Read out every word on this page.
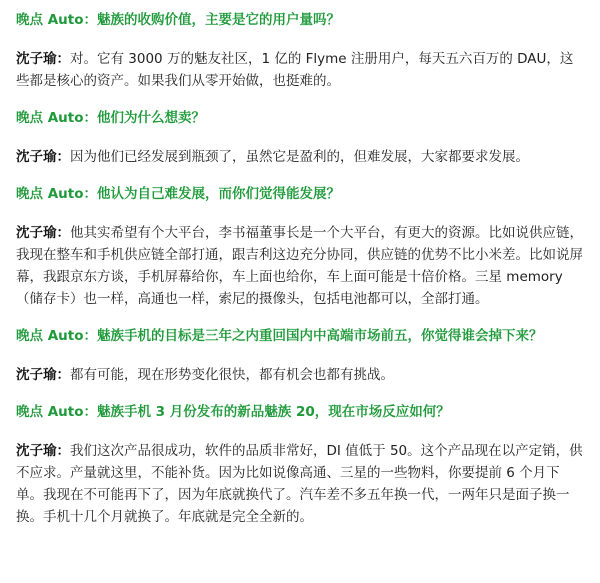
晚点 Auto：魅族的收购价值，主要是它的用户量吗？

沈子瑜：对。它有 3000 万的魅友社区，1 亿的 Flyme 注册用户，每天五六百万的 DAU，这些都是核心的资产。如果我们从零开始做，也挺难的。

晚点 Auto：他们为什么想卖？

沈子瑜：因为他们已经发展到瓶颈了，虽然它是盈利的，但难发展，大家都要求发展。

晚点 Auto：他认为自己难发展，而你们觉得能发展？

沈子瑜：他其实希望有个大平台，李书福董事长是一个大平台，有更大的资源。比如说供应链，我现在整车和手机供应链全部打通，跟吉利这边充分协同，供应链的优势不比小米差。比如说屏幕，我跟京东方谈，手机屏幕给你，车上面也给你，车上面可能是十倍价格。三星 memory（储存卡）也一样，高通也一样，索尼的摄像头，包括电池都可以，全部打通。

晚点 Auto：魅族手机的目标是三年之内重回国内中高端市场前五，你觉得谁会掉下来？

沈子瑜：都有可能，现在形势变化很快，都有机会也都有挑战。

晚点 Auto：魅族手机 3 月份发布的新品魅族 20，现在市场反应如何？

沈子瑜：我们这次产品很成功，软件的品质非常好，DI 值低于 50。这个产品现在以产定销，供不应求。产量就这里，不能补货。因为比如说像高通、三星的一些物料，你要提前 6 个月下单。我现在不可能再下了，因为年底就换代了。汽车差不多五年换一代，一两年只是面子换一换。手机十几个月就换了。年底就是完全全新的。
